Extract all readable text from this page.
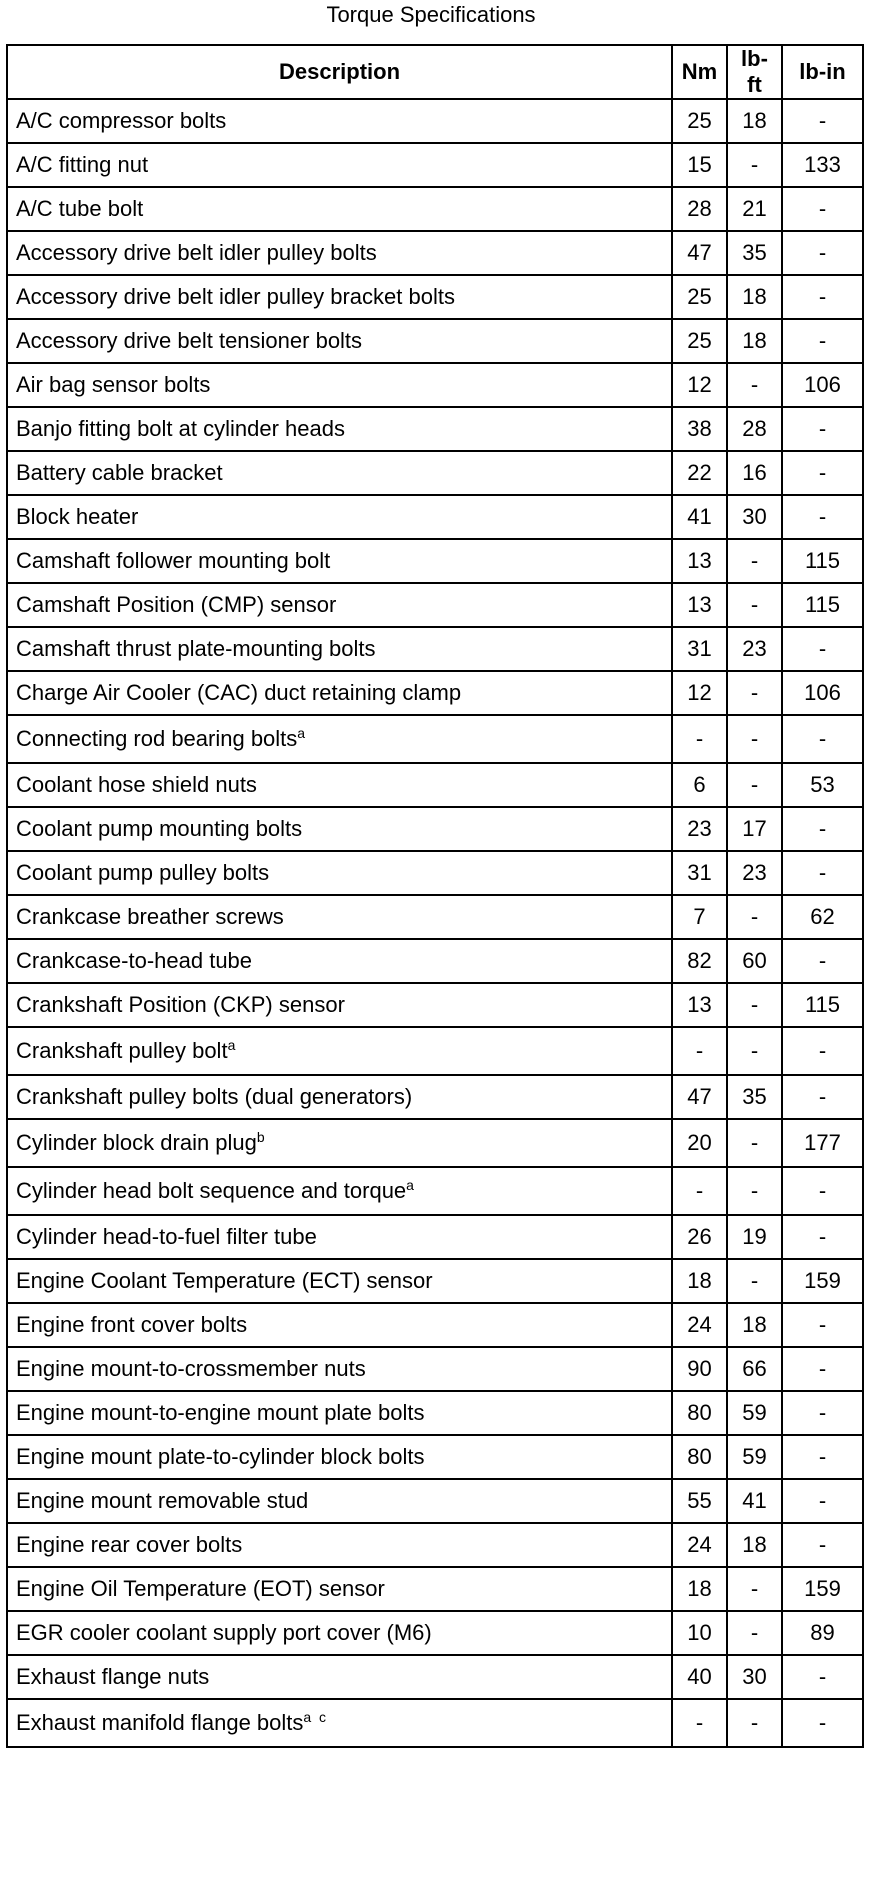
Torque Specifications
Description	Nm	lb-ft	lb-in
A/C compressor bolts	25	18	-
A/C fitting nut	15	-	133
A/C tube bolt	28	21	-
Accessory drive belt idler pulley bolts	47	35	-
Accessory drive belt idler pulley bracket bolts	25	18	-
Accessory drive belt tensioner bolts	25	18	-
Air bag sensor bolts	12	-	106
Banjo fitting bolt at cylinder heads	38	28	-
Battery cable bracket	22	16	-
Block heater	41	30	-
Camshaft follower mounting bolt	13	-	115
Camshaft Position (CMP) sensor	13	-	115
Camshaft thrust plate-mounting bolts	31	23	-
Charge Air Cooler (CAC) duct retaining clamp	12	-	106
Connecting rod bearing bolts$^a$	-	-	-
Coolant hose shield nuts	6	-	53
Coolant pump mounting bolts	23	17	-
Coolant pump pulley bolts	31	23	-
Crankcase breather screws	7	-	62
Crankcase-to-head tube	82	60	-
Crankshaft Position (CKP) sensor	13	-	115
Crankshaft pulley bolt$^a$	-	-	-
Crankshaft pulley bolts (dual generators)	47	35	-
Cylinder block drain plug$^b$	20	-	177
Cylinder head bolt sequence and torque$^a$	-	-	-
Cylinder head-to-fuel filter tube	26	19	-
Engine Coolant Temperature (ECT) sensor	18	-	159
Engine front cover bolts	24	18	-
Engine mount-to-crossmember nuts	90	66	-
Engine mount-to-engine mount plate bolts	80	59	-
Engine mount plate-to-cylinder block bolts	80	59	-
Engine mount removable stud	55	41	-
Engine rear cover bolts	24	18	-
Engine Oil Temperature (EOT) sensor	18	-	159
EGR cooler coolant supply port cover (M6)	10	-	89
Exhaust flange nuts	40	30	-
Exhaust manifold flange bolts$^{a c}$	-	-	-
